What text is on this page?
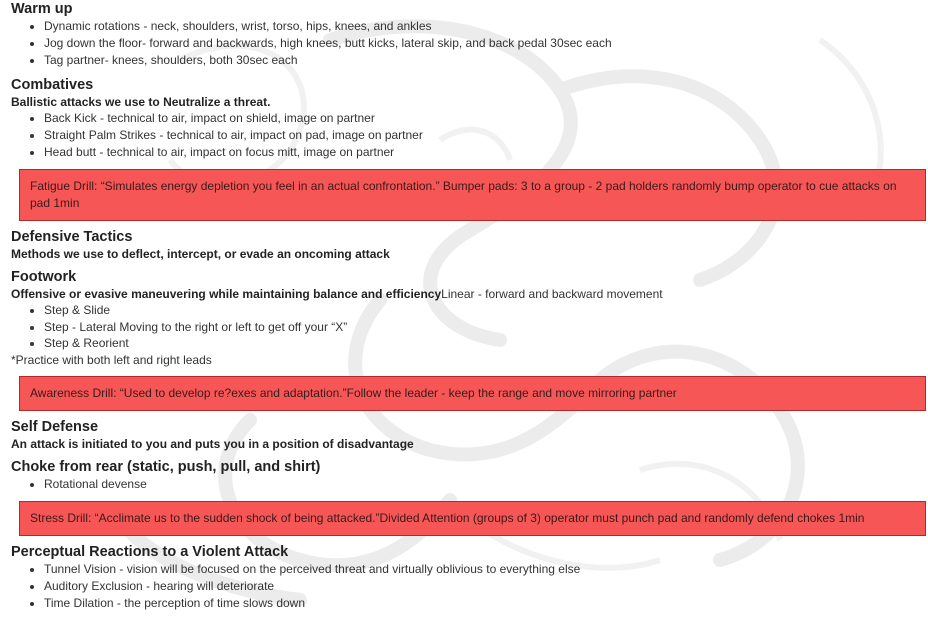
Warm up
• Dynamic rotations - neck, shoulders, wrist, torso, hips, knees, and ankles
• Jog down the floor- forward and backwards, high knees, butt kicks, lateral skip, and back pedal 30sec each
• Tag partner- knees, shoulders, both 30sec each
Combatives

Ballistic attacks we use to Neutralize a threat.

• Back Kick - technical to air, impact on shield, image on partner
• Straight Palm Strikes - technical to air, impact on pad, image on partner
• Head butt - technical to air, impact on focus mitt, image on partner
Fatigue Drill: “Simulates energy depletion you feel in an actual confrontation.” Bumper pads: 3 to a group - 2 pad holders randomly bump operator to cue attacks on pad 1min
Defensive Tactics

Methods we use to deflect, intercept, or evade an oncoming attack

Footwork

Offensive or evasive maneuvering while maintaining balance and efficiencyLinear - forward and backward movement

• Step & Slide
• Step - Lateral Moving to the right or left to get off your “X”
• Step & Reorient

*Practice with both left and right leads

Awareness Drill: “Used to develop re?exes and adaptation.”Follow the leader - keep the range and move mirroring partner
Self Defense

An attack is initiated to you and puts you in a position of disadvantage

Choke from rear (static, push, pull, and shirt)
• Rotational devense
Stress Drill: “Acclimate us to the sudden shock of being attacked.”Divided Attention (groups of 3) operator must punch pad and randomly defend chokes 1min
Perceptual Reactions to a Violent Attack
• Tunnel Vision - vision will be focused on the perceived threat and virtually oblivious to everything else
• Auditory Exclusion - hearing will deteriorate
• Time Dilation - the perception of time slows down
